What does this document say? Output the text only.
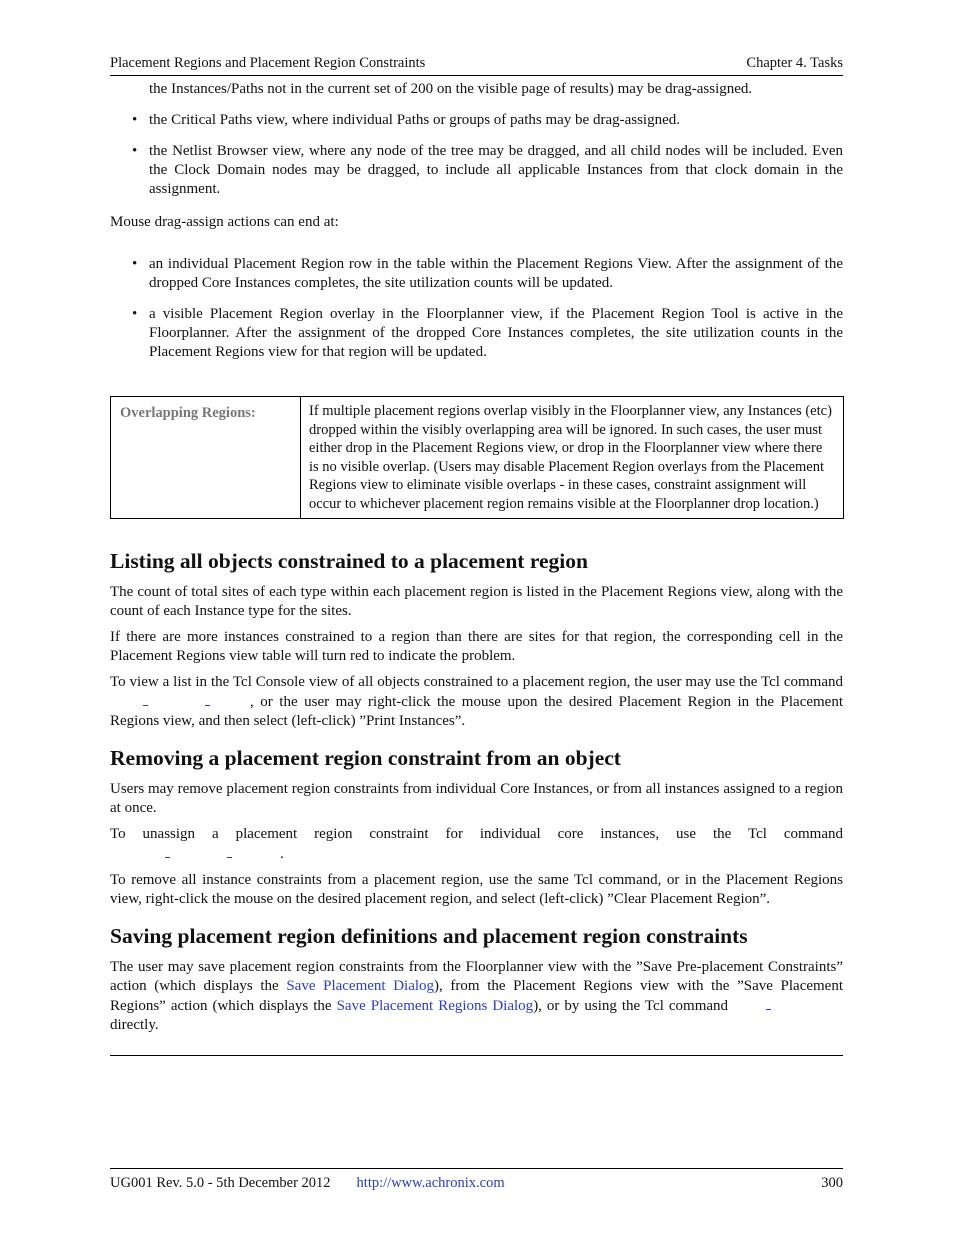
Placement Regions and Placement Region Constraints	Chapter 4. Tasks

the Instances/Paths not in the current set of 200 on the visible page of results) may be drag-assigned.

• the Critical Paths view, where individual Paths or groups of paths may be drag-assigned.
• the Netlist Browser view, where any node of the tree may be dragged, and all child nodes will be included. Even the Clock Domain nodes may be dragged, to include all applicable Instances from that clock domain in the assignment.

Mouse drag-assign actions can end at:

• an individual Placement Region row in the table within the Placement Regions View. After the assignment of the dropped Core Instances completes, the site utilization counts will be updated.
• a visible Placement Region overlay in the Floorplanner view, if the Placement Region Tool is active in the Floorplanner. After the assignment of the dropped Core Instances completes, the site utilization counts in the Placement Regions view for that region will be updated.
Overlapping Regions:	If multiple placement regions overlap visibly in the Floorplanner view, any Instances (etc) dropped within the visibly overlapping area will be ignored. In such cases, the user must either drop in the Placement Regions view, or drop in the Floorplanner view where there is no visible overlap. (Users may disable Placement Region overlays from the Placement Regions view to eliminate visible overlaps - in these cases, constraint assignment will occur to whichever placement region remains visible at the Floorplanner drop location.)
Listing all objects constrained to a placement region

The count of total sites of each type within each placement region is listed in the Placement Regions view, along with the count of each Instance type for the sites.

If there are more instances constrained to a region than there are sites for that region, the corresponding cell in the Placement Regions view table will turn red to indicate the problem.

To view a list in the Tcl Console view of all objects constrained to a placement region, the user may use the Tcl command
, or the user may right-click the mouse upon the desired Placement Region in the Placement Regions view, and then select (left-click) ”Print Instances”.

Removing a placement region constraint from an object

Users may remove placement region constraints from individual Core Instances, or from all instances assigned to a region at once.

To unassign a placement region constraint for individual core instances, use the Tcl command

.

To remove all instance constraints from a placement region, use the same Tcl command, or in the Placement Regions view, right-click the mouse on the desired placement region, and select (left-click) ”Clear Placement Region”.

Saving placement region definitions and placement region constraints

The user may save placement region constraints from the Floorplanner view with the ”Save Pre-placement Constraints” action (which displays the Save Placement Dialog), from the Placement Regions view with the ”Save Placement Regions” action (which displays the Save Placement Regions Dialog), or by using the Tcl command
directly.

UG001 Rev. 5.0 - 5th December 2012 http://www.achronix.com	300
